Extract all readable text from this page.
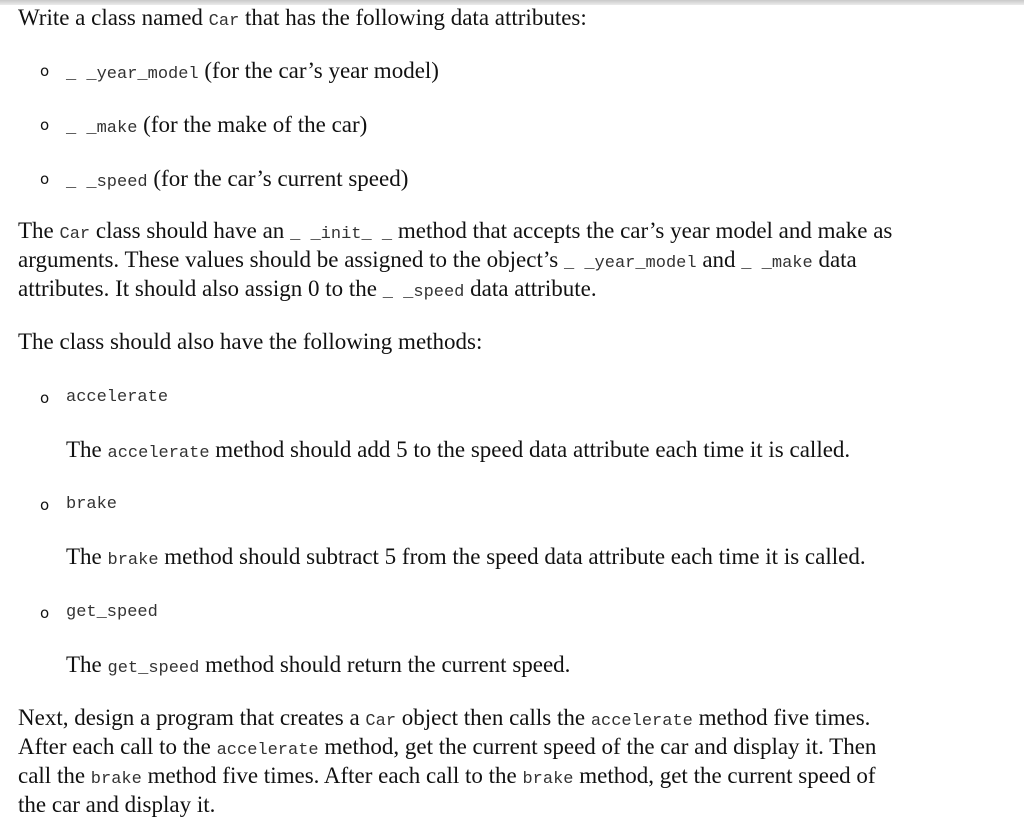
Write a class named Car that has the following data attributes:
o _ _year_model (for the car’s year model)
o _ _make (for the make of the car)
o _ _speed (for the car’s current speed)
The Car class should have an _ _init_ _ method that accepts the car’s year model and make as
arguments. These values should be assigned to the object’s _ _year_model and _ _make data
attributes. It should also assign 0 to the _ _speed data attribute.
The class should also have the following methods:
o accelerate
The accelerate method should add 5 to the speed data attribute each time it is called.
o brake
The brake method should subtract 5 from the speed data attribute each time it is called.
o get_speed
The get_speed method should return the current speed.
Next, design a program that creates a Car object then calls the accelerate method five times.
After each call to the accelerate method, get the current speed of the car and display it. Then
call the brake method five times. After each call to the brake method, get the current speed of
the car and display it.
